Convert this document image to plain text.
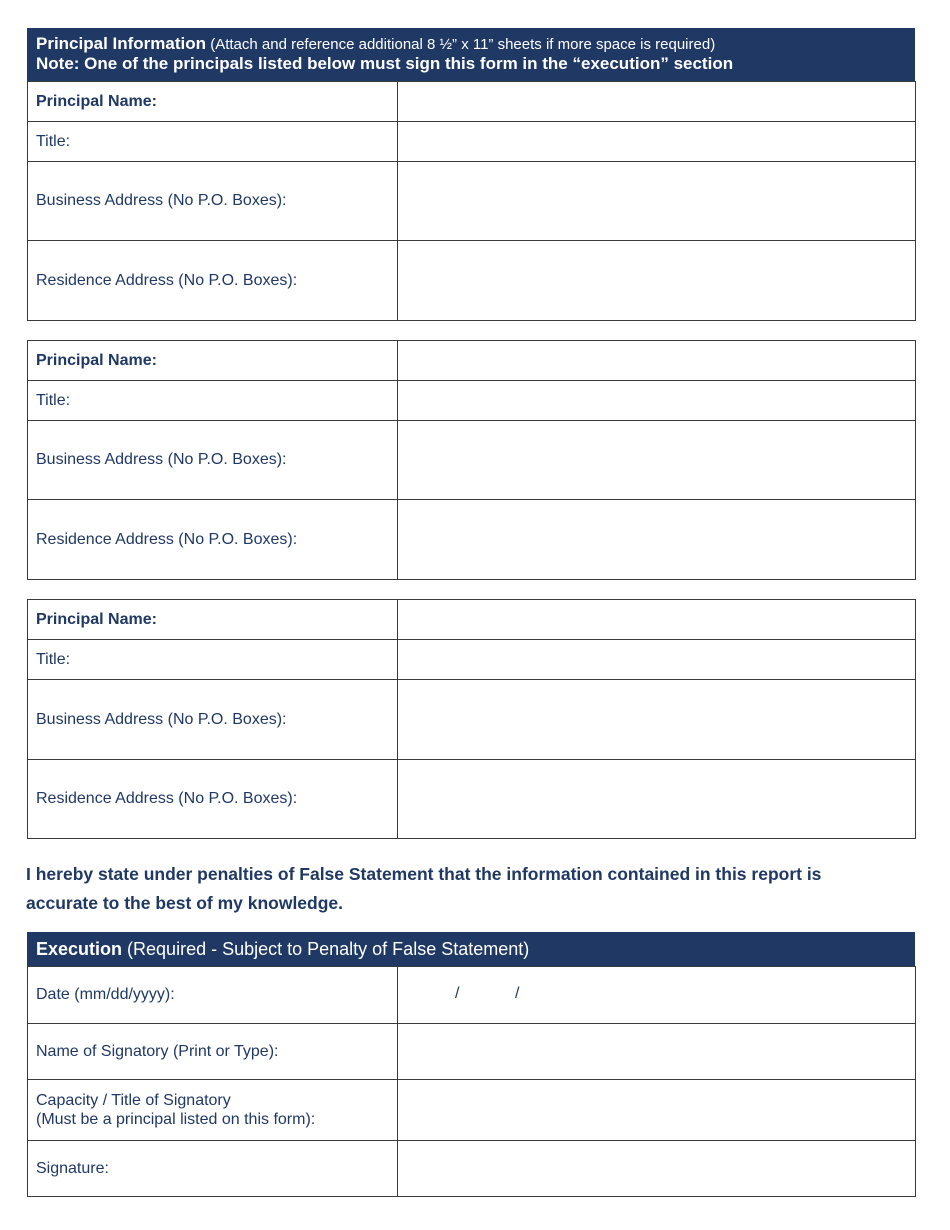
Principal Information (Attach and reference additional 8 ½” x 11” sheets if more space is required)
Note: One of the principals listed below must sign this form in the “execution” section
Principal Name:	
Title:	
Business Address (No P.O. Boxes):	
Residence Address (No P.O. Boxes):	
Principal Name:	
Title:	
Business Address (No P.O. Boxes):	
Residence Address (No P.O. Boxes):	
Principal Name:	
Title:	
Business Address (No P.O. Boxes):	
Residence Address (No P.O. Boxes):	
I hereby state under penalties of False Statement that the information contained in this report is accurate to the best of my knowledge.
Execution (Required - Subject to Penalty of False Statement)
Date (mm/dd/yyyy):	/ /

Name of Signatory (Print or Type):	

Capacity / Title of Signatory
(Must be a principal listed on this form):

Signature:	
